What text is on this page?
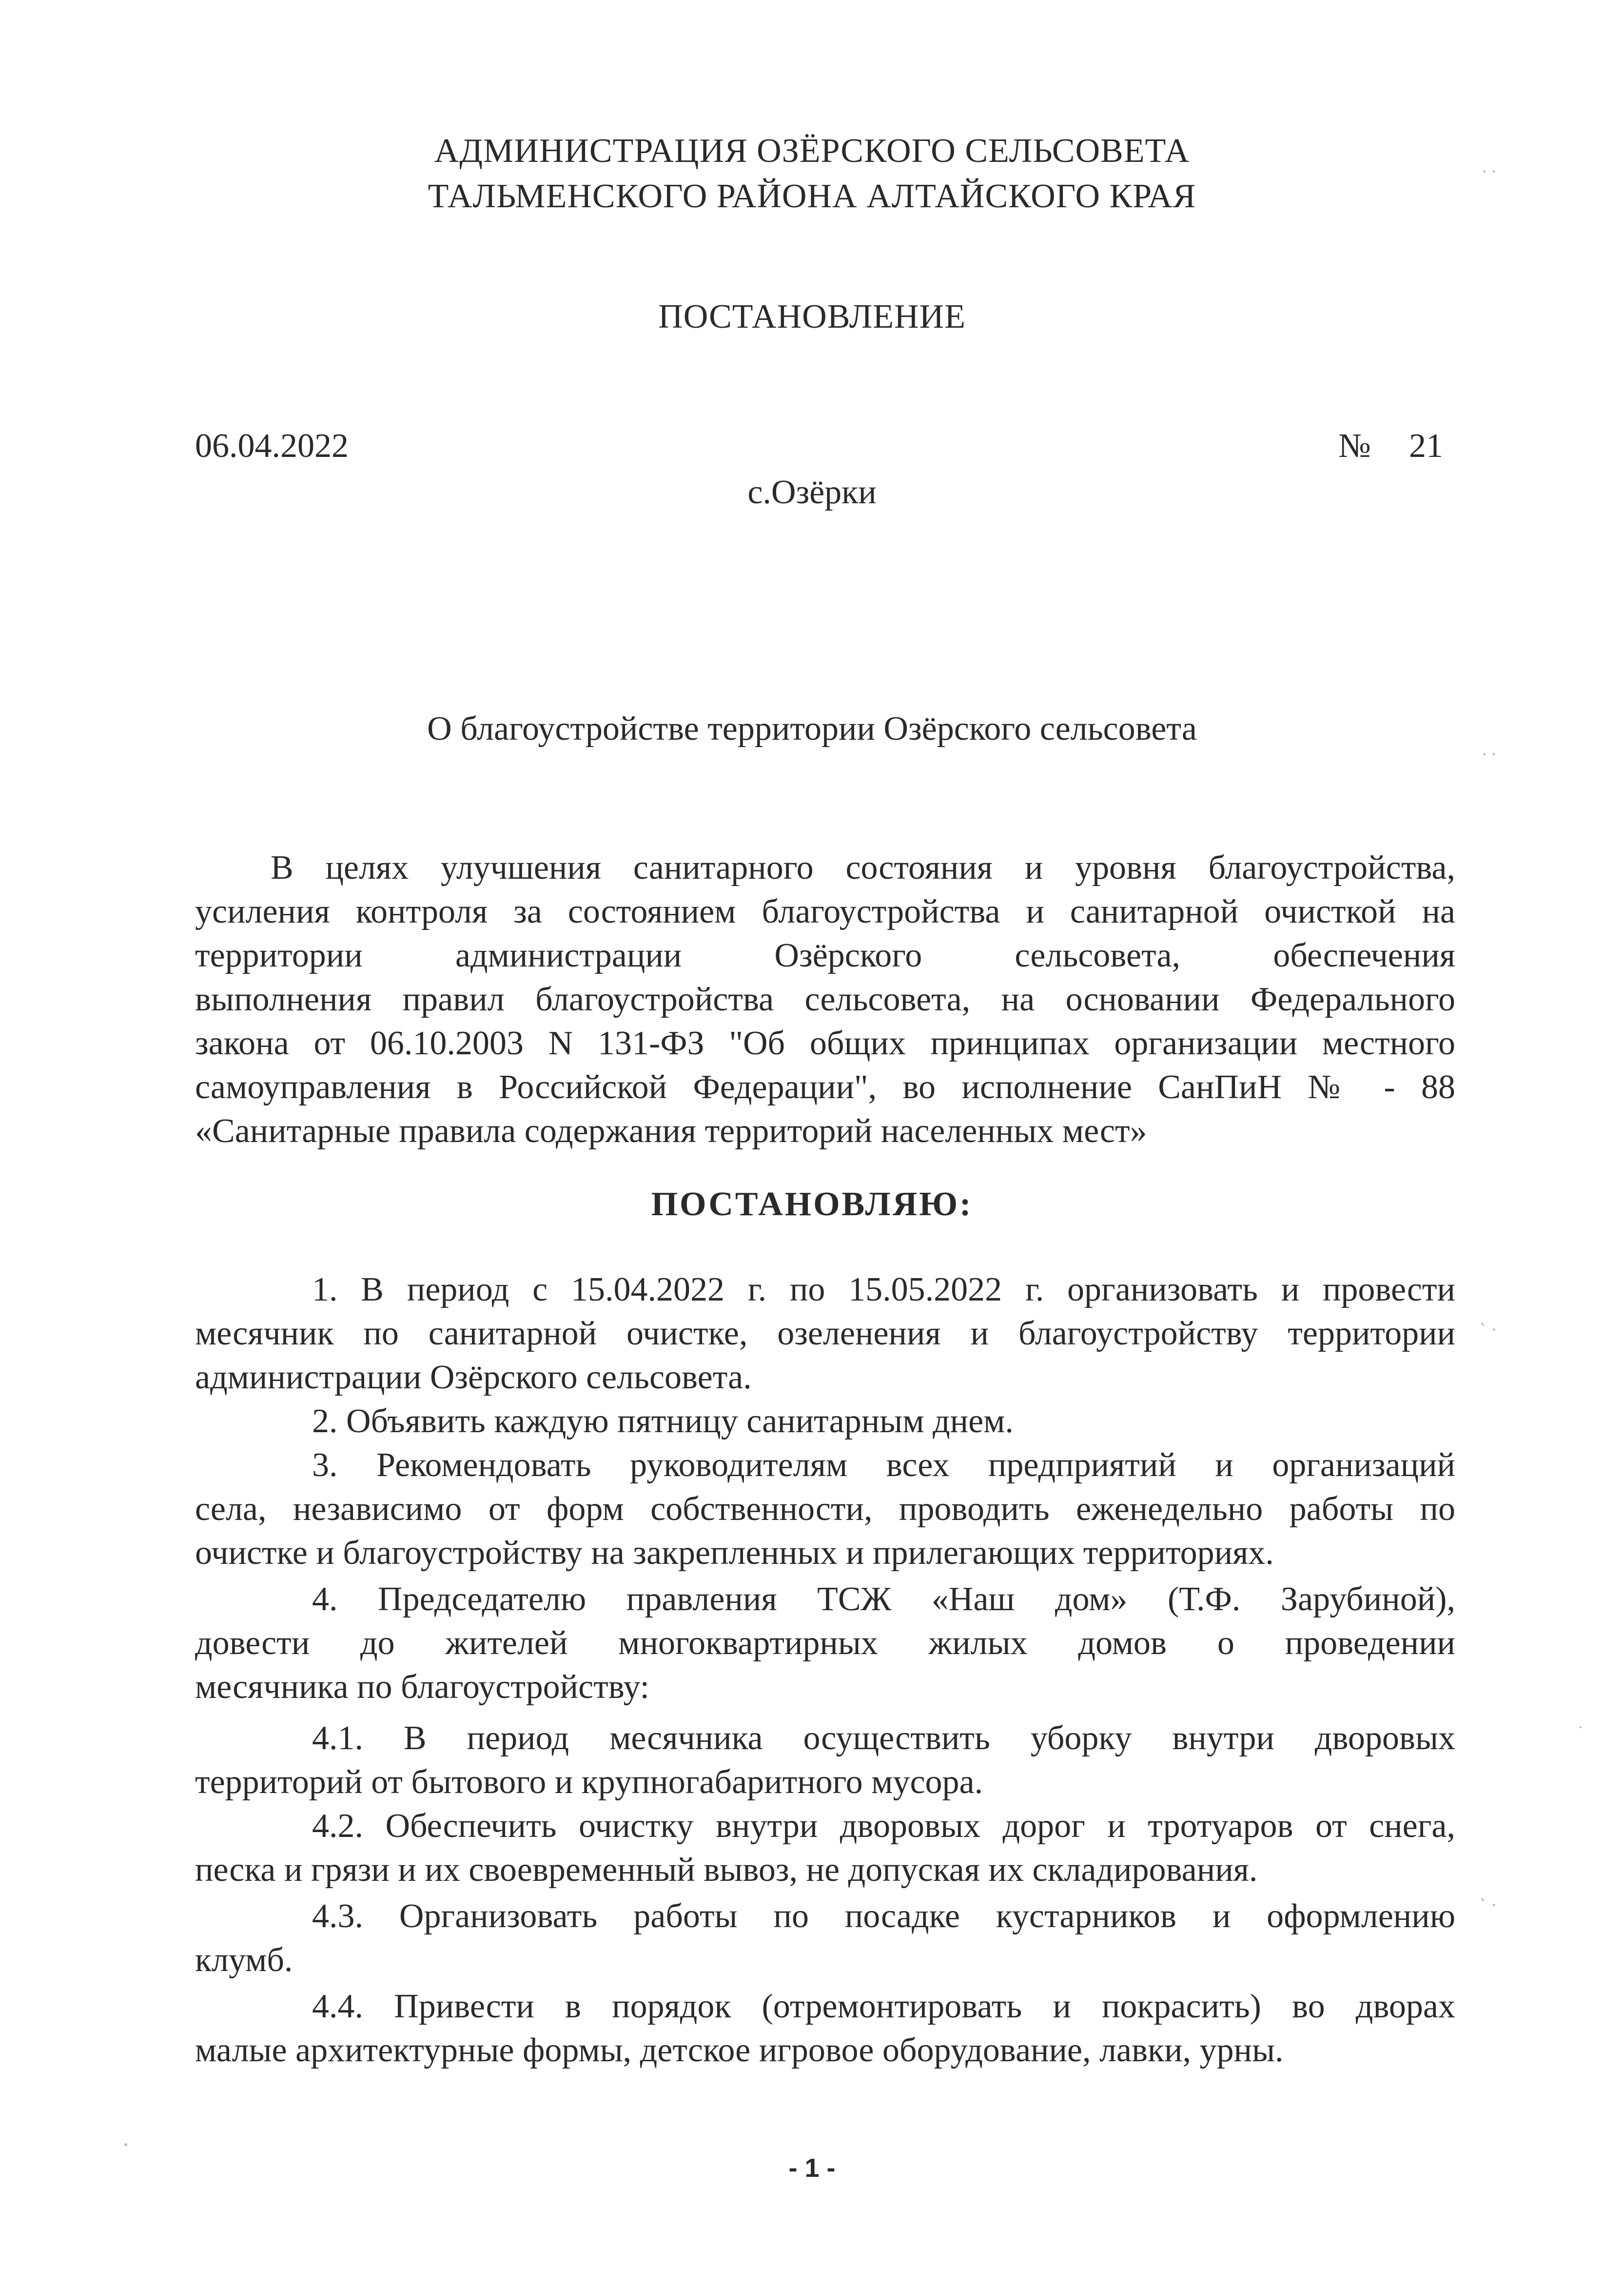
АДМИНИСТРАЦИЯ ОЗЁРСКОГО СЕЛЬСОВЕТА
ТАЛЬМЕНСКОГО РАЙОНА АЛТАЙСКОГО КРАЯ
ПОСТАНОВЛЕНИЕ
06.04.2022	№ 21
с.Озёрки
О благоустройстве территории Озёрского сельсовета
В целях улучшения санитарного состояния и уровня благоустройства,
усиления контроля за состоянием благоустройства и санитарной очисткой на
территории администрации Озёрского сельсовета, обеспечения
выполнения правил благоустройства сельсовета, на основании Федерального
закона от 06.10.2003 N 131-ФЗ "Об общих принципах организации местного
самоуправления в Российской Федерации", во исполнение СанПиН № - 88
«Санитарные правила содержания территорий населенных мест»
ПОСТАНОВЛЯЮ:
1. В период с 15.04.2022 г. по 15.05.2022 г. организовать и провести
месячник по санитарной очистке, озеленения и благоустройству территории
администрации Озёрского сельсовета.
2. Объявить каждую пятницу санитарным днем.
3. Рекомендовать руководителям всех предприятий и организаций
села, независимо от форм собственности, проводить еженедельно работы по
очистке и благоустройству на закрепленных и прилегающих территориях.
4. Председателю правления ТСЖ «Наш дом» (Т.Ф. Зарубиной),
довести до жителей многоквартирных жилых домов о проведении
месячника по благоустройству:
4.1. В период месячника осуществить уборку внутри дворовых
территорий от бытового и крупногабаритного мусора.
4.2. Обеспечить очистку внутри дворовых дорог и тротуаров от снега,
песка и грязи и их своевременный вывоз, не допуская их складирования.
4.3. Организовать работы по посадке кустарников и оформлению
клумб.
4.4. Привести в порядок (отремонтировать и покрасить) во дворах
малые архитектурные формы, детское игровое оборудование, лавки, урны.
- 1 -
· ·
· ·
` ·
` ·
